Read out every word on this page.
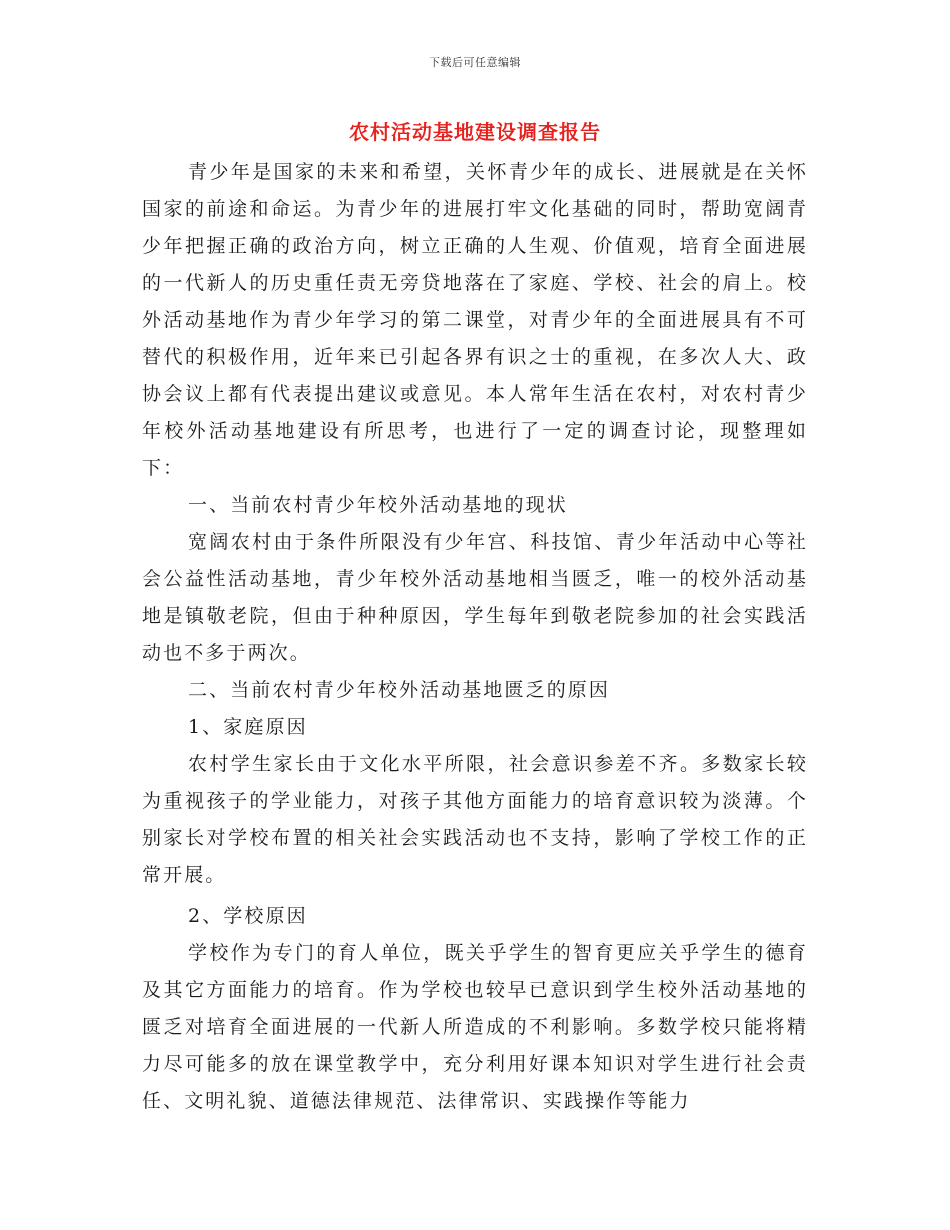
下载后可任意编辑
农村活动基地建设调查报告

青少年是国家的未来和希望，关怀青少年的成长、进展就是在关怀国家的前途和命运。为青少年的进展打牢文化基础的同时，帮助宽阔青少年把握正确的政治方向，树立正确的人生观、价值观，培育全面进展的一代新人的历史重任责无旁贷地落在了家庭、学校、社会的肩上。校外活动基地作为青少年学习的第二课堂，对青少年的全面进展具有不可替代的积极作用，近年来已引起各界有识之士的重视，在多次人大、政协会议上都有代表提出建议或意见。本人常年生活在农村，对农村青少年校外活动基地建设有所思考，也进行了一定的调查讨论，现整理如下：

一、当前农村青少年校外活动基地的现状

宽阔农村由于条件所限没有少年宫、科技馆、青少年活动中心等社会公益性活动基地，青少年校外活动基地相当匮乏，唯一的校外活动基地是镇敬老院，但由于种种原因，学生每年到敬老院参加的社会实践活动也不多于两次。

二、当前农村青少年校外活动基地匮乏的原因

1、家庭原因

农村学生家长由于文化水平所限，社会意识参差不齐。多数家长较为重视孩子的学业能力，对孩子其他方面能力的培育意识较为淡薄。个别家长对学校布置的相关社会实践活动也不支持，影响了学校工作的正常开展。

2、学校原因

学校作为专门的育人单位，既关乎学生的智育更应关乎学生的德育及其它方面能力的培育。作为学校也较早已意识到学生校外活动基地的匮乏对培育全面进展的一代新人所造成的不利影响。多数学校只能将精力尽可能多的放在课堂教学中，充分利用好课本知识对学生进行社会责任、文明礼貌、道德法律规范、法律常识、实践操作等能力
